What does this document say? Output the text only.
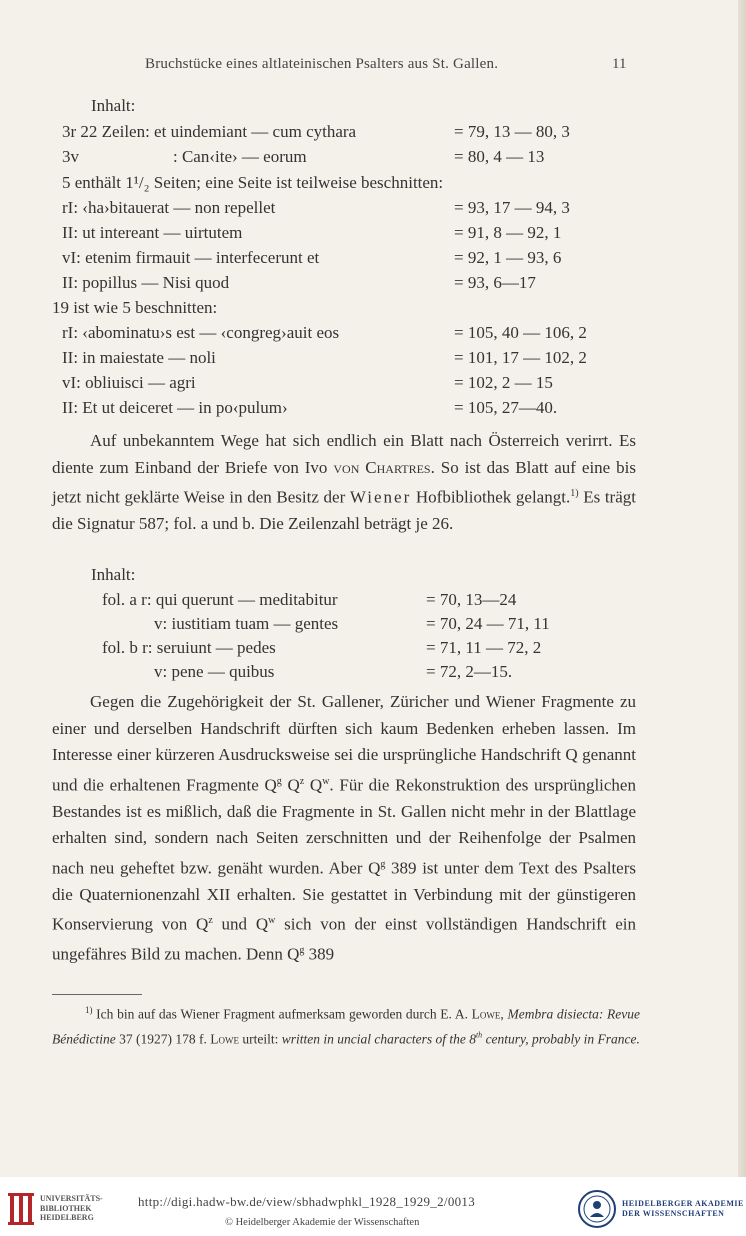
Bruchstücke eines altlateinischen Psalters aus St. Gallen.	11
Inhalt:
3r 22 Zeilen: et uindemiant — cum cythara	= 79, 13 — 80, 3
3v	: Can‹ite› — eorum	= 80, 4 — 13
5 enthält 1¹/₂ Seiten; eine Seite ist teilweise beschnitten:
rI: ‹ha›bitauerat — non repellet	= 93, 17 — 94, 3
II: ut intereant — uirtutem	= 91, 8 — 92, 1
vI: etenim firmauit — interfecerunt et	= 92, 1 — 93, 6
II: popillus — Nisi quod	= 93, 6—17
19 ist wie 5 beschnitten:
rI: ‹abominatu›s est — ‹congreg›auit eos	= 105, 40 — 106, 2
II: in maiestate — noli	= 101, 17 — 102, 2
vI: obliuisci — agri	= 102, 2 — 15
II: Et ut deiceret — in po‹pulum›	= 105, 27—40.

Auf unbekanntem Wege hat sich endlich ein Blatt nach Österreich verirrt. Es diente zum Einband der Briefe von Ivo von Chartres. So ist das Blatt auf eine bis jetzt nicht geklärte Weise in den Besitz der Wiener Hofbibliothek gelangt.$^{1)}$ Es trägt die Signatur 587; fol. a und b. Die Zeilenzahl beträgt je 26.

Inhalt:
fol. a r: qui querunt — meditabitur	= 70, 13—24
v: iustitiam tuam — gentes	= 70, 24 — 71, 11
fol. b r: seruiunt — pedes	= 71, 11 — 72, 2
v: pene — quibus	= 72, 2—15.

Gegen die Zugehörigkeit der St. Gallener, Züricher und Wiener Fragmente zu einer und derselben Handschrift dürften sich kaum Bedenken erheben lassen. Im Interesse einer kürzeren Ausdrucksweise sei die ursprüngliche Handschrift Q genannt und die erhaltenen Fragmente $Q^g$ $Q^z$ $Q^w$. Für die Rekonstruktion des ursprünglichen Bestandes ist es mißlich, daß die Fragmente in St. Gallen nicht mehr in der Blattlage erhalten sind, sondern nach Seiten zerschnitten und der Reihenfolge der Psalmen nach neu geheftet bzw. genäht wurden. Aber $Q^g$ 389 ist unter dem Text des Psalters die Quaternionenzahl XII erhalten. Sie gestattet in Verbindung mit der günstigeren Konservierung von $Q^z$ und $Q^w$ sich von der einst vollständigen Handschrift ein ungefähres Bild zu machen. Denn $Q^g$ 389

$^{1)}$ Ich bin auf das Wiener Fragment aufmerksam geworden durch E. A. Lowe, Membra disiecta: Revue Bénédictine 37 (1927) 178 f. Lowe urteilt: written in uncial characters of the 8th century, probably in France.

UNIVERSITÄTS-
BIBLIOTHEK
HEIDELBERG
http://digi.hadw-bw.de/view/sbhadwphkl_1928_1929_2/0013
© Heidelberger Akademie der Wissenschaften
HEIDELBERGER AKADEMIE
DER WISSENSCHAFTEN
